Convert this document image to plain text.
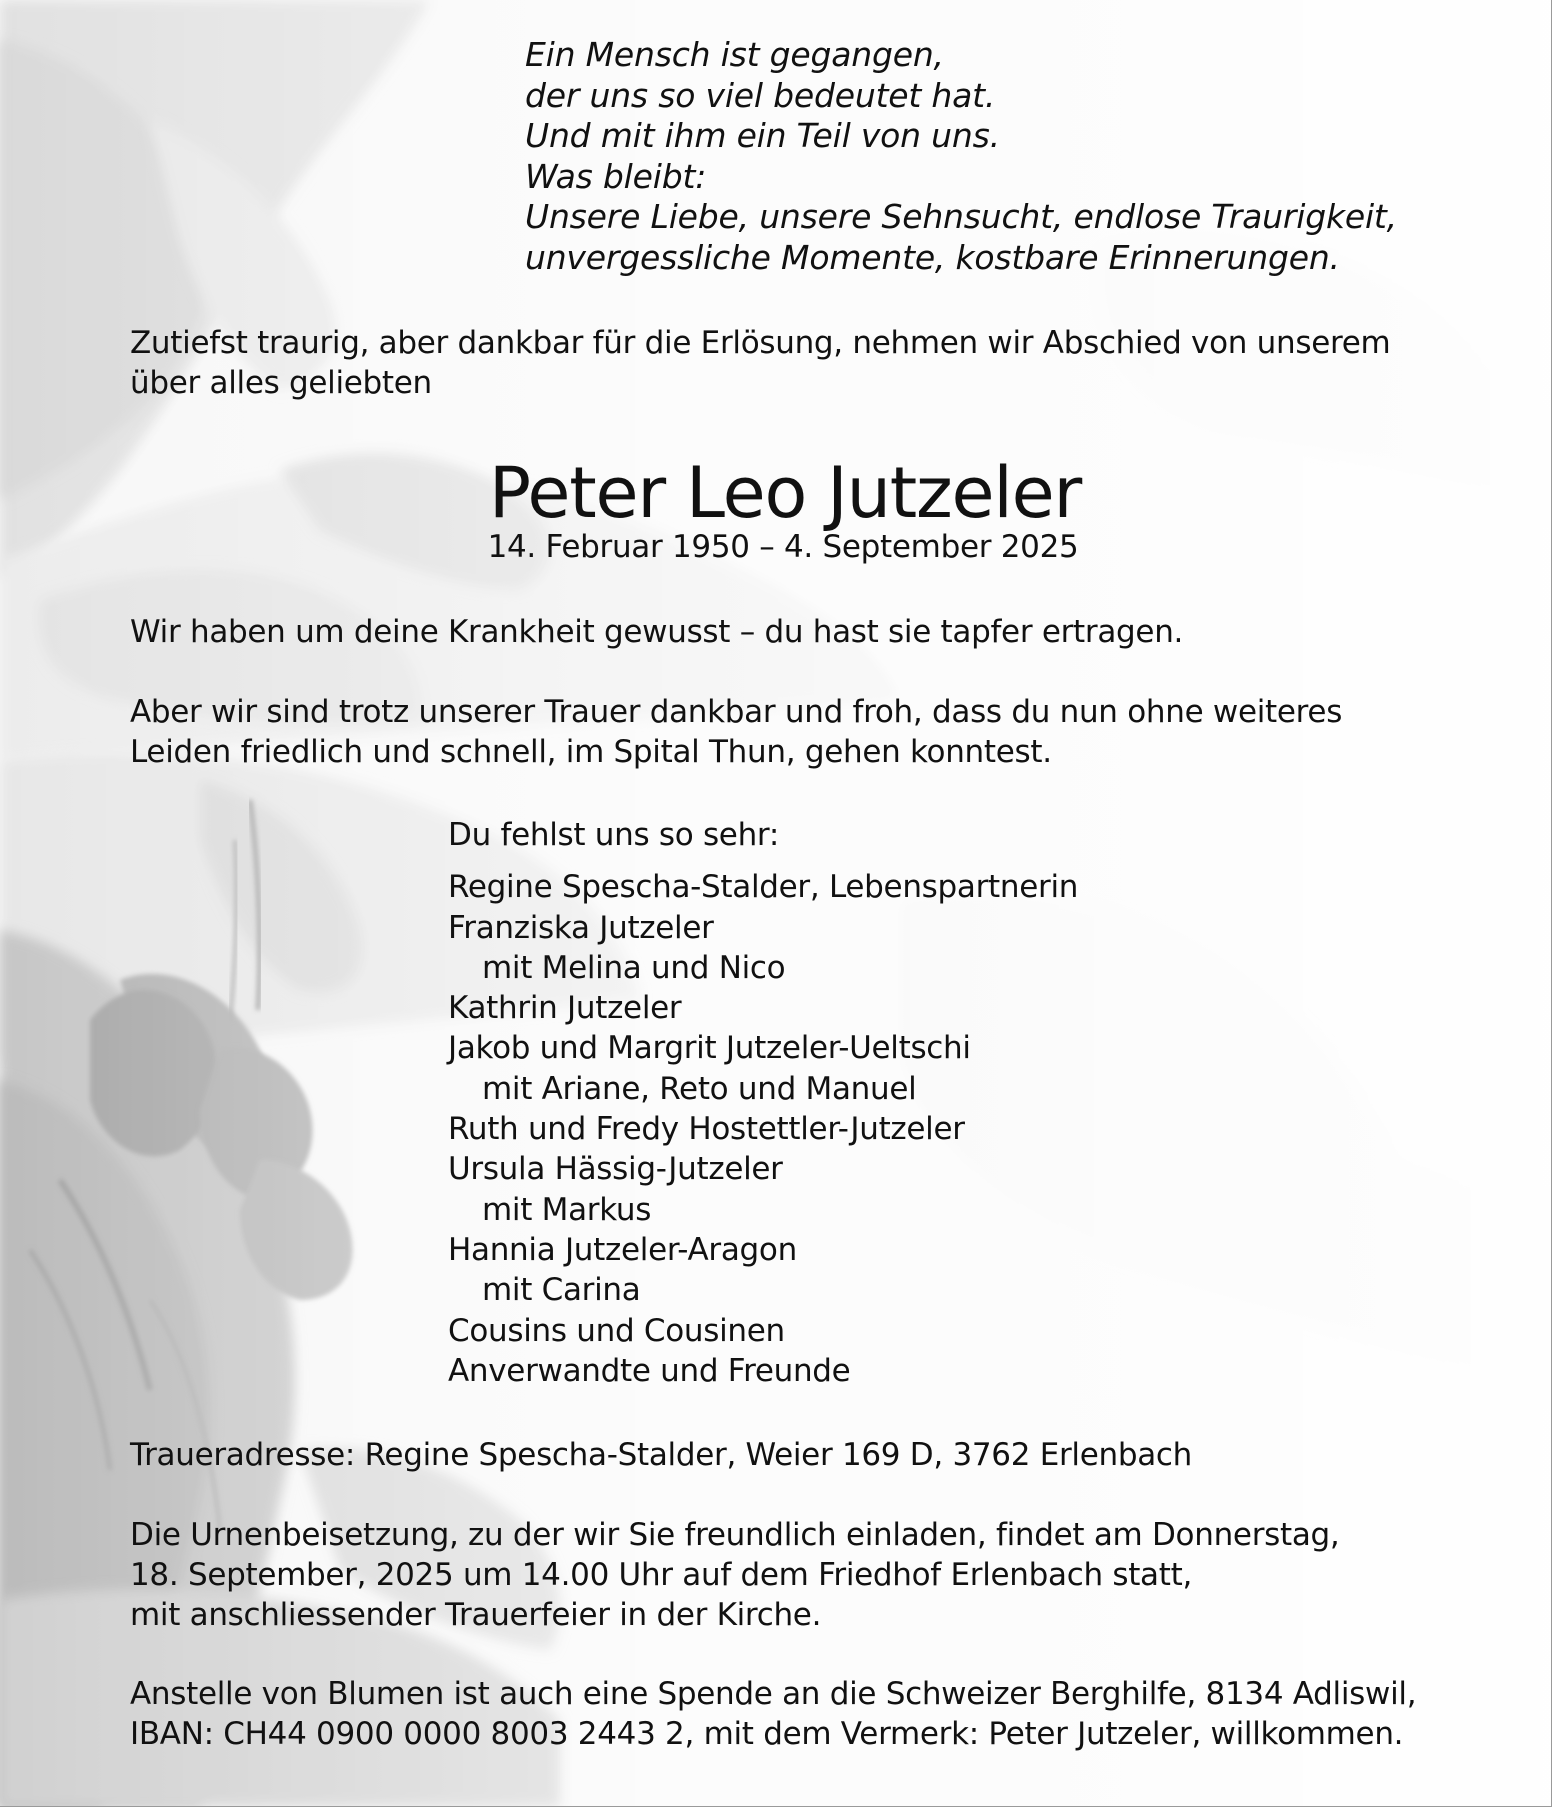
Ein Mensch ist gegangen,
der uns so viel bedeutet hat.
Und mit ihm ein Teil von uns.
Was bleibt:
Unsere Liebe, unsere Sehnsucht, endlose Traurigkeit,
unvergessliche Momente, kostbare Erinnerungen.
Zutiefst traurig, aber dankbar für die Erlösung, nehmen wir Abschied von unserem
über alles geliebten
Peter Leo Jutzeler
14. Februar 1950 – 4. September 2025
Wir haben um deine Krankheit gewusst – du hast sie tapfer ertragen.
Aber wir sind trotz unserer Trauer dankbar und froh, dass du nun ohne weiteres
Leiden friedlich und schnell, im Spital Thun, gehen konntest.
Du fehlst uns so sehr:
Regine Spescha-Stalder, Lebenspartnerin
Franziska Jutzeler
mit Melina und Nico
Kathrin Jutzeler
Jakob und Margrit Jutzeler-Ueltschi
mit Ariane, Reto und Manuel
Ruth und Fredy Hostettler-Jutzeler
Ursula Hässig-Jutzeler
mit Markus
Hannia Jutzeler-Aragon
mit Carina
Cousins und Cousinen
Anverwandte und Freunde
Traueradresse: Regine Spescha-Stalder, Weier 169 D, 3762 Erlenbach
Die Urnenbeisetzung, zu der wir Sie freundlich einladen, findet am Donnerstag,
18. September, 2025 um 14.00 Uhr auf dem Friedhof Erlenbach statt,
mit anschliessender Trauerfeier in der Kirche.
Anstelle von Blumen ist auch eine Spende an die Schweizer Berghilfe, 8134 Adliswil,
IBAN: CH44 0900 0000 8003 2443 2, mit dem Vermerk: Peter Jutzeler, willkommen.
